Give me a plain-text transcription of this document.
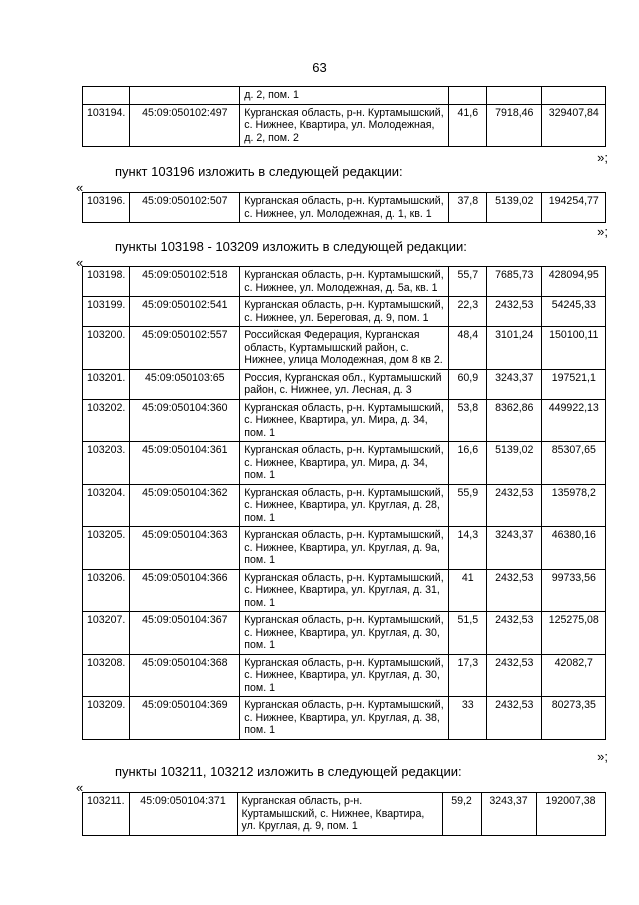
63
		д. 2, пом. 1			
103194.	45:09:050102:497	Курганская область, р-н. Куртамышский, с. Нижнее, Квартира, ул. Молодежная, д. 2, пом. 2	41,6	7918,46	329407,84
»;
пункт 103196 изложить в следующей редакции:
«
103196.	45:09:050102:507	Курганская область, р-н. Куртамышский, с. Нижнее, ул. Молодежная, д. 1, кв. 1	37,8	5139,02	194254,77
»;
пункты 103198 - 103209 изложить в следующей редакции:
«
103198.	45:09:050102:518	Курганская область, р-н. Куртамышский, с. Нижнее, ул. Молодежная, д. 5а, кв. 1	55,7	7685,73	428094,95
103199.	45:09:050102:541	Курганская область, р-н. Куртамышский, с. Нижнее, ул. Береговая, д. 9, пом. 1	22,3	2432,53	54245,33
103200.	45:09:050102:557	Российская Федерация, Курганская область, Куртамышский район, с. Нижнее, улица Молодежная, дом 8 кв 2.	48,4	3101,24	150100,11
103201.	45:09:050103:65	Россия, Курганская обл., Куртамышский район, с. Нижнее, ул. Лесная, д. 3	60,9	3243,37	197521,1
103202.	45:09:050104:360	Курганская область, р-н. Куртамышский, с. Нижнее, Квартира, ул. Мира, д. 34, пом. 1	53,8	8362,86	449922,13
103203.	45:09:050104:361	Курганская область, р-н. Куртамышский, с. Нижнее, Квартира, ул. Мира, д. 34, пом. 1	16,6	5139,02	85307,65
103204.	45:09:050104:362	Курганская область, р-н. Куртамышский, с. Нижнее, Квартира, ул. Круглая, д. 28, пом. 1	55,9	2432,53	135978,2
103205.	45:09:050104:363	Курганская область, р-н. Куртамышский, с. Нижнее, Квартира, ул. Круглая, д. 9а, пом. 1	14,3	3243,37	46380,16
103206.	45:09:050104:366	Курганская область, р-н. Куртамышский, с. Нижнее, Квартира, ул. Круглая, д. 31, пом. 1	41	2432,53	99733,56
103207.	45:09:050104:367	Курганская область, р-н. Куртамышский, с. Нижнее, Квартира, ул. Круглая, д. 30, пом. 1	51,5	2432,53	125275,08
103208.	45:09:050104:368	Курганская область, р-н. Куртамышский, с. Нижнее, Квартира, ул. Круглая, д. 30, пом. 1	17,3	2432,53	42082,7
103209.	45:09:050104:369	Курганская область, р-н. Куртамышский, с. Нижнее, Квартира, ул. Круглая, д. 38, пом. 1	33	2432,53	80273,35
»;
пункты 103211, 103212 изложить в следующей редакции:
«
103211.	45:09:050104:371	Курганская область, р-н. Куртамышский, с. Нижнее, Квартира, ул. Круглая, д. 9, пом. 1	59,2	3243,37	192007,38
